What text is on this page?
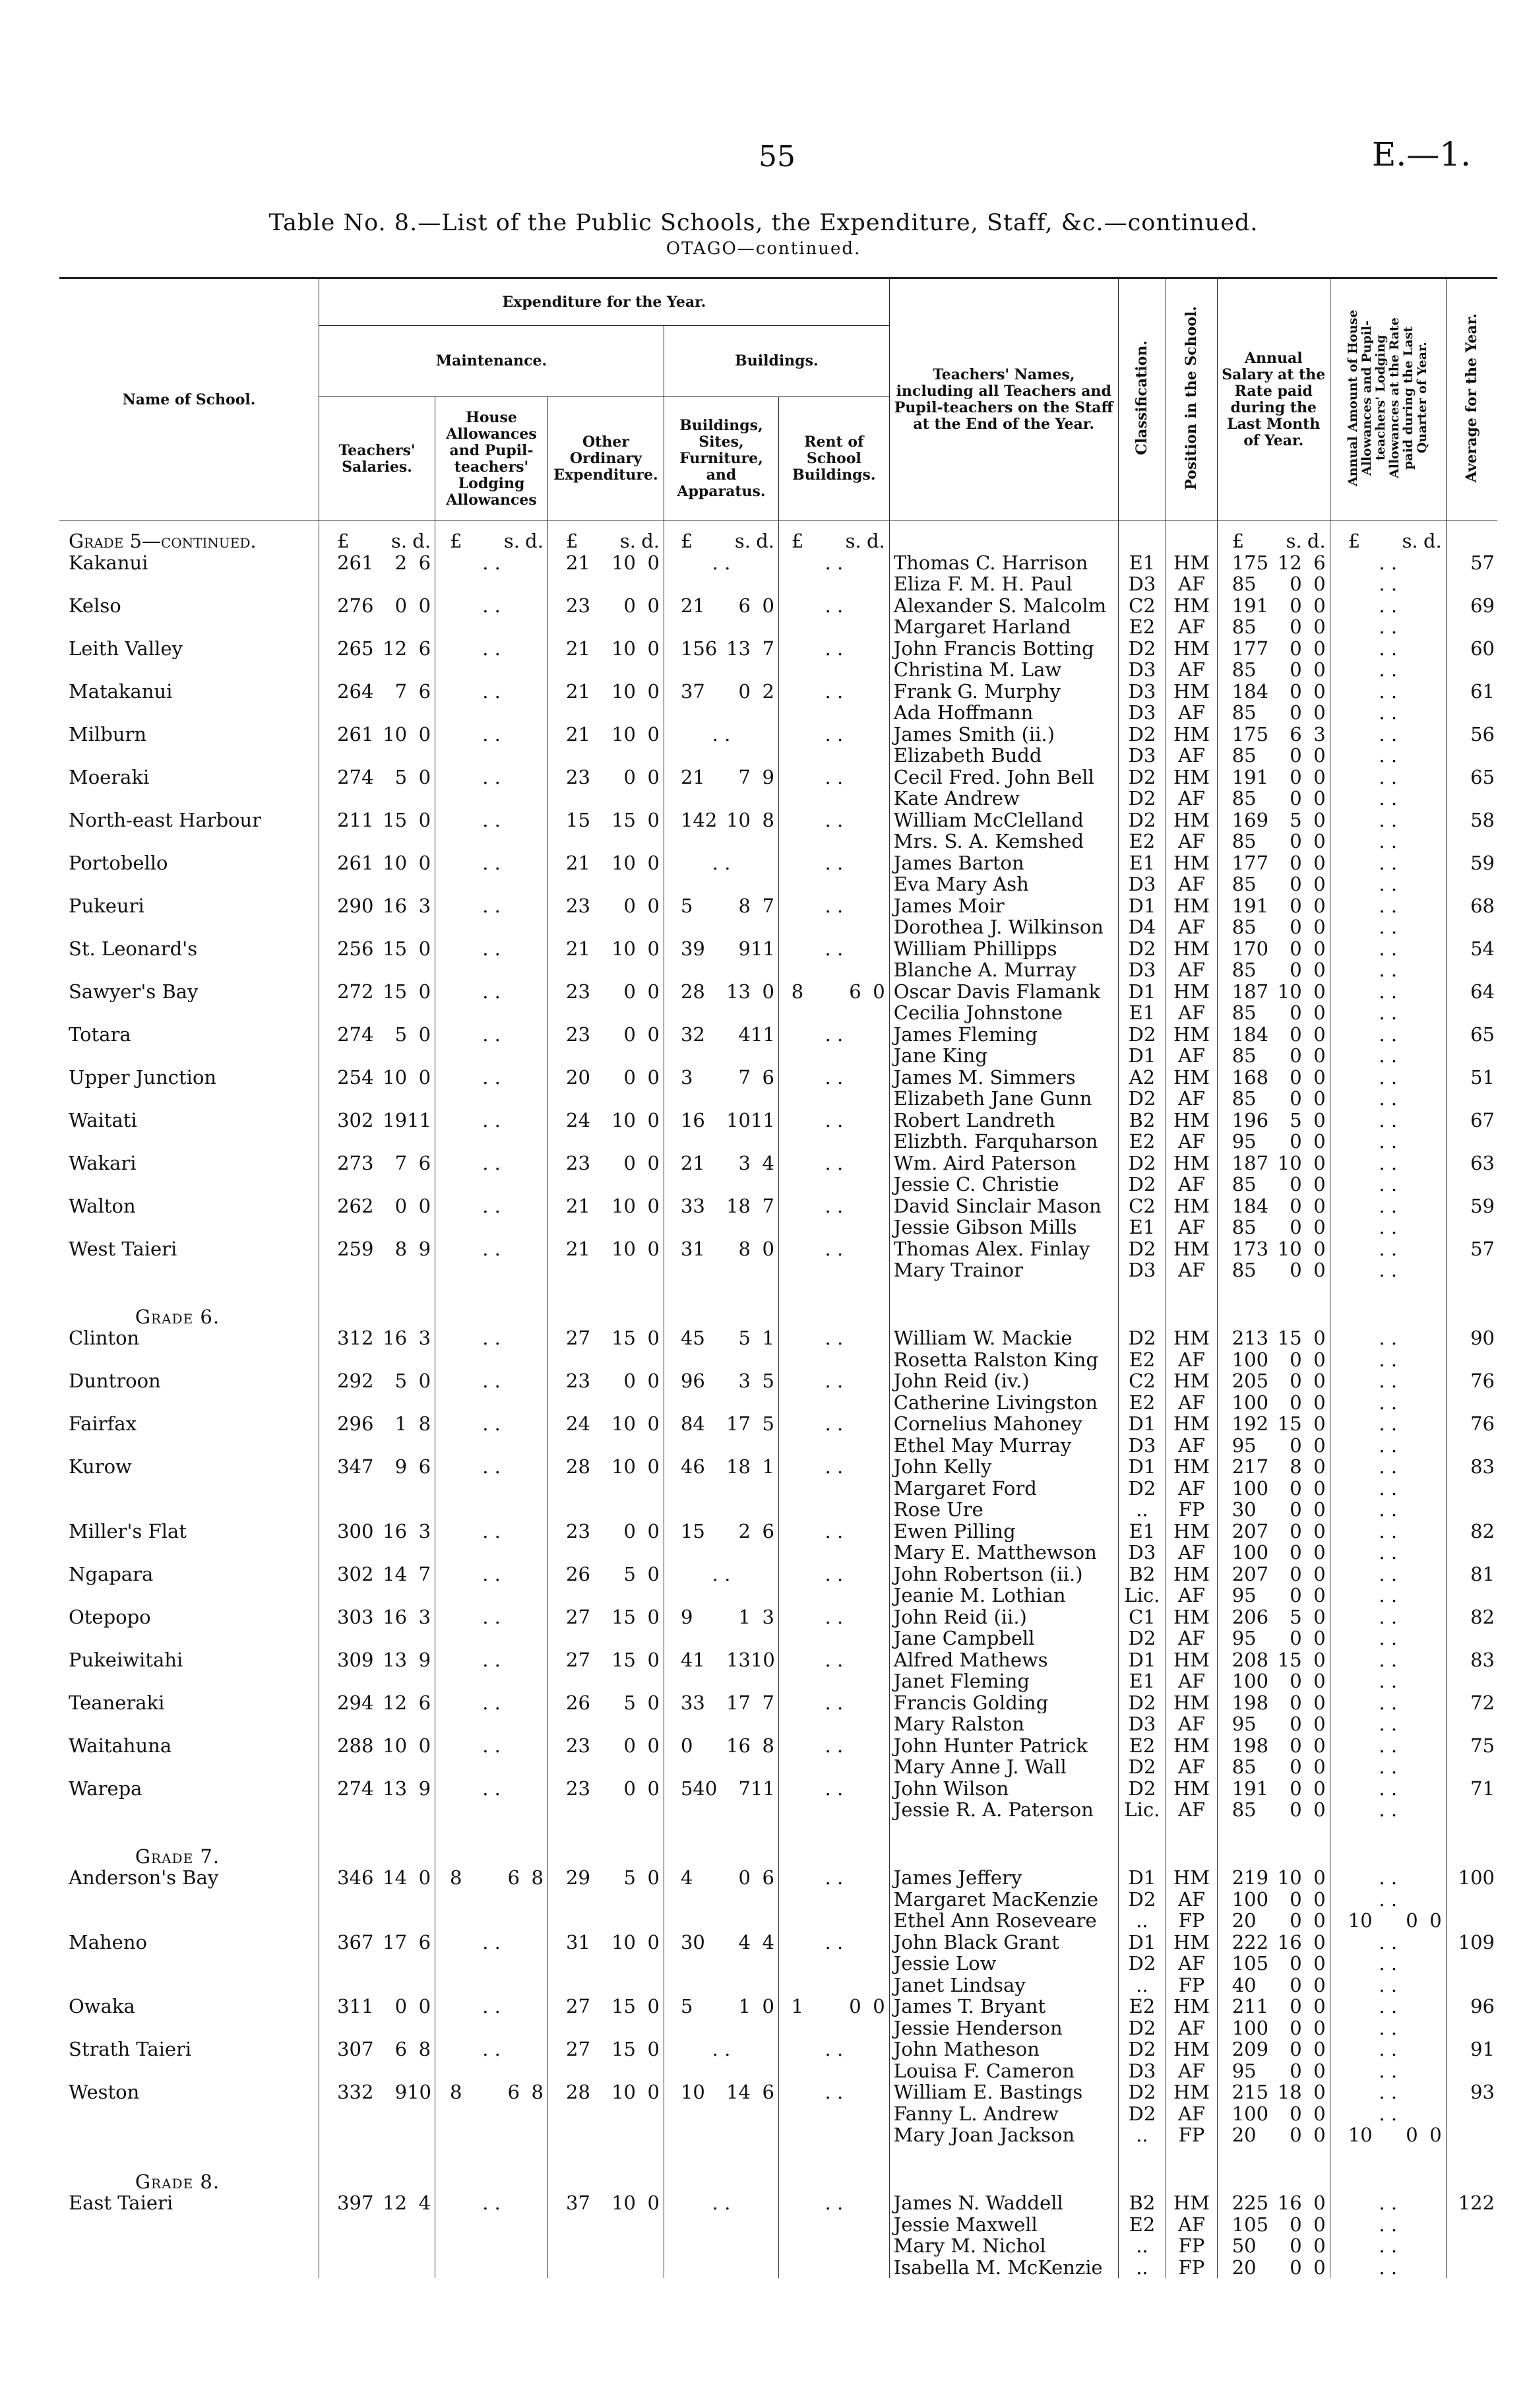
55	E.—1.
Table No. 8.—List of the Public Schools, the Expenditure, Staff, &c.—continued.
OTAGO—continued.
Name of School.	Expenditure for the Year.					Teachers' Names, including all Teachers and Pupil-teachers on the Staff at the End of the Year.	Classification.	Position in the School.	Annual Salary at the Rate paid during the Last Month of Year.	Annual Amount of House Allowances and Pupil-teachers' Lodging Allowances at the Rate paid during the Last Quarter of Year.	Average for the Year.
	Maintenance.			Buildings.							
	Teachers' Salaries.	House Allowances and Pupil-teachers' Lodging Allowances	Other Ordinary Expenditure.	Buildings, Sites, Furniture, and Apparatus.	Rent of School Buildings.						
Grade 5—continued.	£ s. d.	£ s. d.	£ s. d.	£ s. d.	£ s. d.				£ s. d.	£ s. d.	

Kakanui	261 2 6	. .	21 10 0	. .	. .	Thomas C. Harrison	E1	HM	175 12 6	. .	57
						Eliza F. M. H. Paul	D3	AF	85 0 0	. .	
Kelso	276 0 0	. .	23 0 0	21 6 0	. .	Alexander S. Malcolm	C2	HM	191 0 0	. .	69
						Margaret Harland	E2	AF	85 0 0	. .	
Leith Valley	265 12 6	. .	21 10 0	156 13 7	. .	John Francis Botting	D2	HM	177 0 0	. .	60
						Christina M. Law	D3	AF	85 0 0	. .	
Matakanui	264 7 6	. .	21 10 0	37 0 2	. .	Frank G. Murphy	D3	HM	184 0 0	. .	61
						Ada Hoffmann	D3	AF	85 0 0	. .	
Milburn	261 10 0	. .	21 10 0	. .	. .	James Smith (ii.)	D2	HM	175 6 3	. .	56
						Elizabeth Budd	D3	AF	85 0 0	. .	
Moeraki	274 5 0	. .	23 0 0	21 7 9	. .	Cecil Fred. John Bell	D2	HM	191 0 0	. .	65
						Kate Andrew	D2	AF	85 0 0	. .	
North-east Harbour	211 15 0	. .	15 15 0	142 10 8	. .	William McClelland	D2	HM	169 5 0	. .	58
						Mrs. S. A. Kemshed	E2	AF	85 0 0	. .	
Portobello	261 10 0	. .	21 10 0	. .	. .	James Barton	E1	HM	177 0 0	. .	59
						Eva Mary Ash	D3	AF	85 0 0	. .	
Pukeuri	290 16 3	. .	23 0 0	5 8 7	. .	James Moir	D1	HM	191 0 0	. .	68
						Dorothea J. Wilkinson	D4	AF	85 0 0	. .	
St. Leonard's	256 15 0	. .	21 10 0	39 9 11	. .	William Phillipps	D2	HM	170 0 0	. .	54
						Blanche A. Murray	D3	AF	85 0 0	. .	
Sawyer's Bay	272 15 0	. .	23 0 0	28 13 0	8 6 0	Oscar Davis Flamank	D1	HM	187 10 0	. .	64
						Cecilia Johnstone	E1	AF	85 0 0	. .	
Totara	274 5 0	. .	23 0 0	32 4 11	. .	James Fleming	D2	HM	184 0 0	. .	65
						Jane King	D1	AF	85 0 0	. .	
Upper Junction	254 10 0	. .	20 0 0	3 7 6	. .	James M. Simmers	A2	HM	168 0 0	. .	51
						Elizabeth Jane Gunn	D2	AF	85 0 0	. .	
Waitati	302 19 11	. .	24 10 0	16 10 11	. .	Robert Landreth	B2	HM	196 5 0	. .	67
						Elizbth. Farquharson	E2	AF	95 0 0	. .	
Wakari	273 7 6	. .	23 0 0	21 3 4	. .	Wm. Aird Paterson	D2	HM	187 10 0	. .	63
						Jessie C. Christie	D2	AF	85 0 0	. .	
Walton	262 0 0	. .	21 10 0	33 18 7	. .	David Sinclair Mason	C2	HM	184 0 0	. .	59
						Jessie Gibson Mills	E1	AF	85 0 0	. .	
West Taieri	259 8 9	. .	21 10 0	31 8 0	. .	Thomas Alex. Finlay	D2	HM	173 10 0	. .	57
						Mary Trainor	D3	AF	85 0 0	. .	

Grade 6.											

Clinton	312 16 3	. .	27 15 0	45 5 1	. .	William W. Mackie	D2	HM	213 15 0	. .	90
						Rosetta Ralston King	E2	AF	100 0 0	. .	
Duntroon	292 5 0	. .	23 0 0	96 3 5	. .	John Reid (iv.)	C2	HM	205 0 0	. .	76
						Catherine Livingston	E2	AF	100 0 0	. .	
Fairfax	296 1 8	. .	24 10 0	84 17 5	. .	Cornelius Mahoney	D1	HM	192 15 0	. .	76
						Ethel May Murray	D3	AF	95 0 0	. .	
Kurow	347 9 6	. .	28 10 0	46 18 1	. .	John Kelly	D1	HM	217 8 0	. .	83
						Margaret Ford	D2	AF	100 0 0	. .	
						Rose Ure	..	FP	30 0 0	. .	
Miller's Flat	300 16 3	. .	23 0 0	15 2 6	. .	Ewen Pilling	E1	HM	207 0 0	. .	82
						Mary E. Matthewson	D3	AF	100 0 0	. .	
Ngapara	302 14 7	. .	26 5 0	. .	. .	John Robertson (ii.)	B2	HM	207 0 0	. .	81
						Jeanie M. Lothian	Lic.	AF	95 0 0	. .	
Otepopo	303 16 3	. .	27 15 0	9 1 3	. .	John Reid (ii.)	C1	HM	206 5 0	. .	82
						Jane Campbell	D2	AF	95 0 0	. .	
Pukeiwitahi	309 13 9	. .	27 15 0	41 13 10	. .	Alfred Mathews	D1	HM	208 15 0	. .	83
						Janet Fleming	E1	AF	100 0 0	. .	
Teaneraki	294 12 6	. .	26 5 0	33 17 7	. .	Francis Golding	D2	HM	198 0 0	. .	72
						Mary Ralston	D3	AF	95 0 0	. .	
Waitahuna	288 10 0	. .	23 0 0	0 16 8	. .	John Hunter Patrick	E2	HM	198 0 0	. .	75
						Mary Anne J. Wall	D2	AF	85 0 0	. .	
Warepa	274 13 9	. .	23 0 0	540 7 11	. .	John Wilson	D2	HM	191 0 0	. .	71
						Jessie R. A. Paterson	Lic.	AF	85 0 0	. .	

Grade 7.											

Anderson's Bay	346 14 0	8 6 8	29 5 0	4 0 6	. .	James Jeffery	D1	HM	219 10 0	. .	100
						Margaret MacKenzie	D2	AF	100 0 0	. .	
						Ethel Ann Roseveare	..	FP	20 0 0	10 0 0	

Maheno	367 17 6	. .	31 10 0	30 4 4	. .	John Black Grant	D1	HM	222 16 0	. .	109
						Jessie Low	D2	AF	105 0 0	. .	
						Janet Lindsay	..	FP	40 0 0	. .	
Owaka	311 0 0	. .	27 15 0	5 1 0	1 0 0	James T. Bryant	E2	HM	211 0 0	. .	96
						Jessie Henderson	D2	AF	100 0 0	. .	
Strath Taieri	307 6 8	. .	27 15 0	. .	. .	John Matheson	D2	HM	209 0 0	. .	91
						Louisa F. Cameron	D3	AF	95 0 0	. .	
Weston	332 9 10	8 6 8	28 10 0	10 14 6	. .	William E. Bastings	D2	HM	215 18 0	. .	93
						Fanny L. Andrew	D2	AF	100 0 0	. .	
						Mary Joan Jackson	..	FP	20 0 0	10 0 0	

Grade 8.											

East Taieri	397 12 4	. .	37 10 0	. .	. .	James N. Waddell	B2	HM	225 16 0	. .	122
						Jessie Maxwell	E2	AF	105 0 0	. .	
						Mary M. Nichol	..	FP	50 0 0	. .	
						Isabella M. McKenzie	..	FP	20 0 0	. .	
